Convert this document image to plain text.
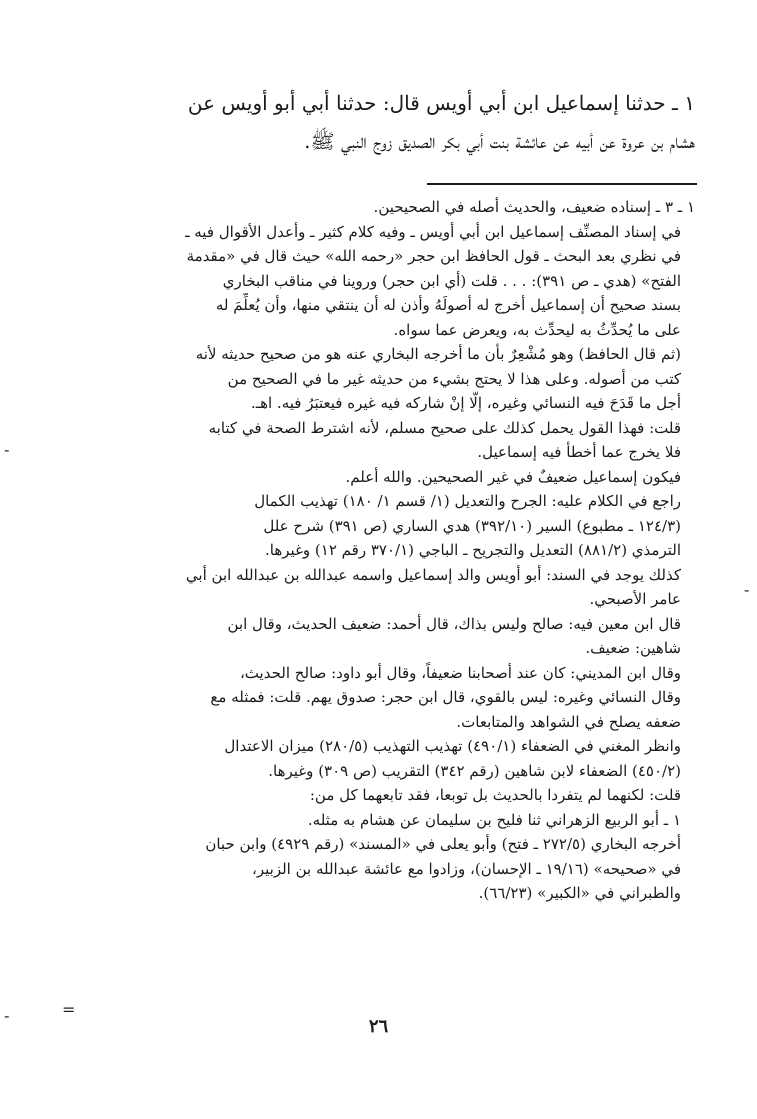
١ ـ حدثنا إسماعيل ابن أبي أويس قال: حدثنا أبي أبو أويس عن
هشام بن عروة عن أبيه عن عائشة بنت أبي بكر الصديق زوج النبي ﷺ.
١ ـ ٣ ـ إسناده ضعيف، والحديث أصله في الصحيحين.
في إسناد المصنِّف إسماعيل ابن أبي أويس ـ وفيه كلام كثير ـ وأعدل الأقوال فيه ـ
في نظري بعد البحث ـ قول الحافظ ابن حجر «رحمه الله» حيث قال في «مقدمة
الفتح» (هدي ـ ص ٣٩١): . . . قلت (أي ابن حجر) وروينا في مناقب البخاري
بسند صحيح أن إسماعيل أخرج له أصولَهُ وأذن له أن ينتقي منها، وأن يُعلِّمَ له
على ما يُحدِّثُ به ليحدِّث به، ويعرض عما سواه.
(ثم قال الحافظ) وهو مُشْعِرٌ بأن ما أخرجه البخاري عنه هو من صحيح حديثه لأنه
كتب من أصوله. وعلى هذا لا يحتج بشيء من حديثه غير ما في الصحيح من
أجل ما قَدَحَ فيه النسائي وغيره، إلّا إنْ شاركه فيه غيره فيعتبَرُ فيه. اهـ.
قلت: فهذا القول يحمل كذلك على صحيح مسلم، لأنه اشترط الصحة في كتابه
فلا يخرج عما أخطأ فيه إسماعيل.
فيكون إسماعيل ضعيفٌ في غير الصحيحين. والله أعلم.
راجع في الكلام عليه: الجرح والتعديل (١/ قسم ١/ ١٨٠) تهذيب الكمال
(١٢٤/٣ ـ مطبوع) السير (٣٩٢/١٠) هدي الساري (ص ٣٩١) شرح علل
الترمذي (٨٨١/٢) التعديل والتجريح ـ الباجي (٣٧٠/١ رقم ١٢) وغيرها.
كذلك يوجد في السند: أبو أويس والد إسماعيل واسمه عبدالله بن عبدالله ابن أبي
عامر الأصبحي.
قال ابن معين فيه: صالح وليس بذاك، قال أحمد: ضعيف الحديث، وقال ابن
شاهين: ضعيف.
وقال ابن المديني: كان عند أصحابنا ضعيفاً، وقال أبو داود: صالح الحديث،
وقال النسائي وغيره: ليس بالقوي، قال ابن حجر: صدوق يهم. قلت: فمثله مع
ضعفه يصلح في الشواهد والمتابعات.
وانظر المغني في الضعفاء (٤٩٠/١) تهذيب التهذيب (٢٨٠/٥) ميزان الاعتدال
(٤٥٠/٢) الضعفاء لابن شاهين (رقم ٣٤٢) التقريب (ص ٣٠٩) وغيرها.
قلت: لكنهما لم يتفردا بالحديث بل توبعا، فقد تابعهما كل من:
١ ـ أبو الربيع الزهراني ثنا فليح بن سليمان عن هشام به مثله.
أخرجه البخاري (٢٧٢/٥ ـ فتح) وأبو يعلى في «المسند» (رقم ٤٩٢٩) وابن حبان
في «صحيحه» (١٩/١٦ ـ الإحسان)، وزادوا مع عائشة عبدالله بن الزبير،
والطبراني في «الكبير» (٦٦/٢٣).
٢٦
=
-
-
-
